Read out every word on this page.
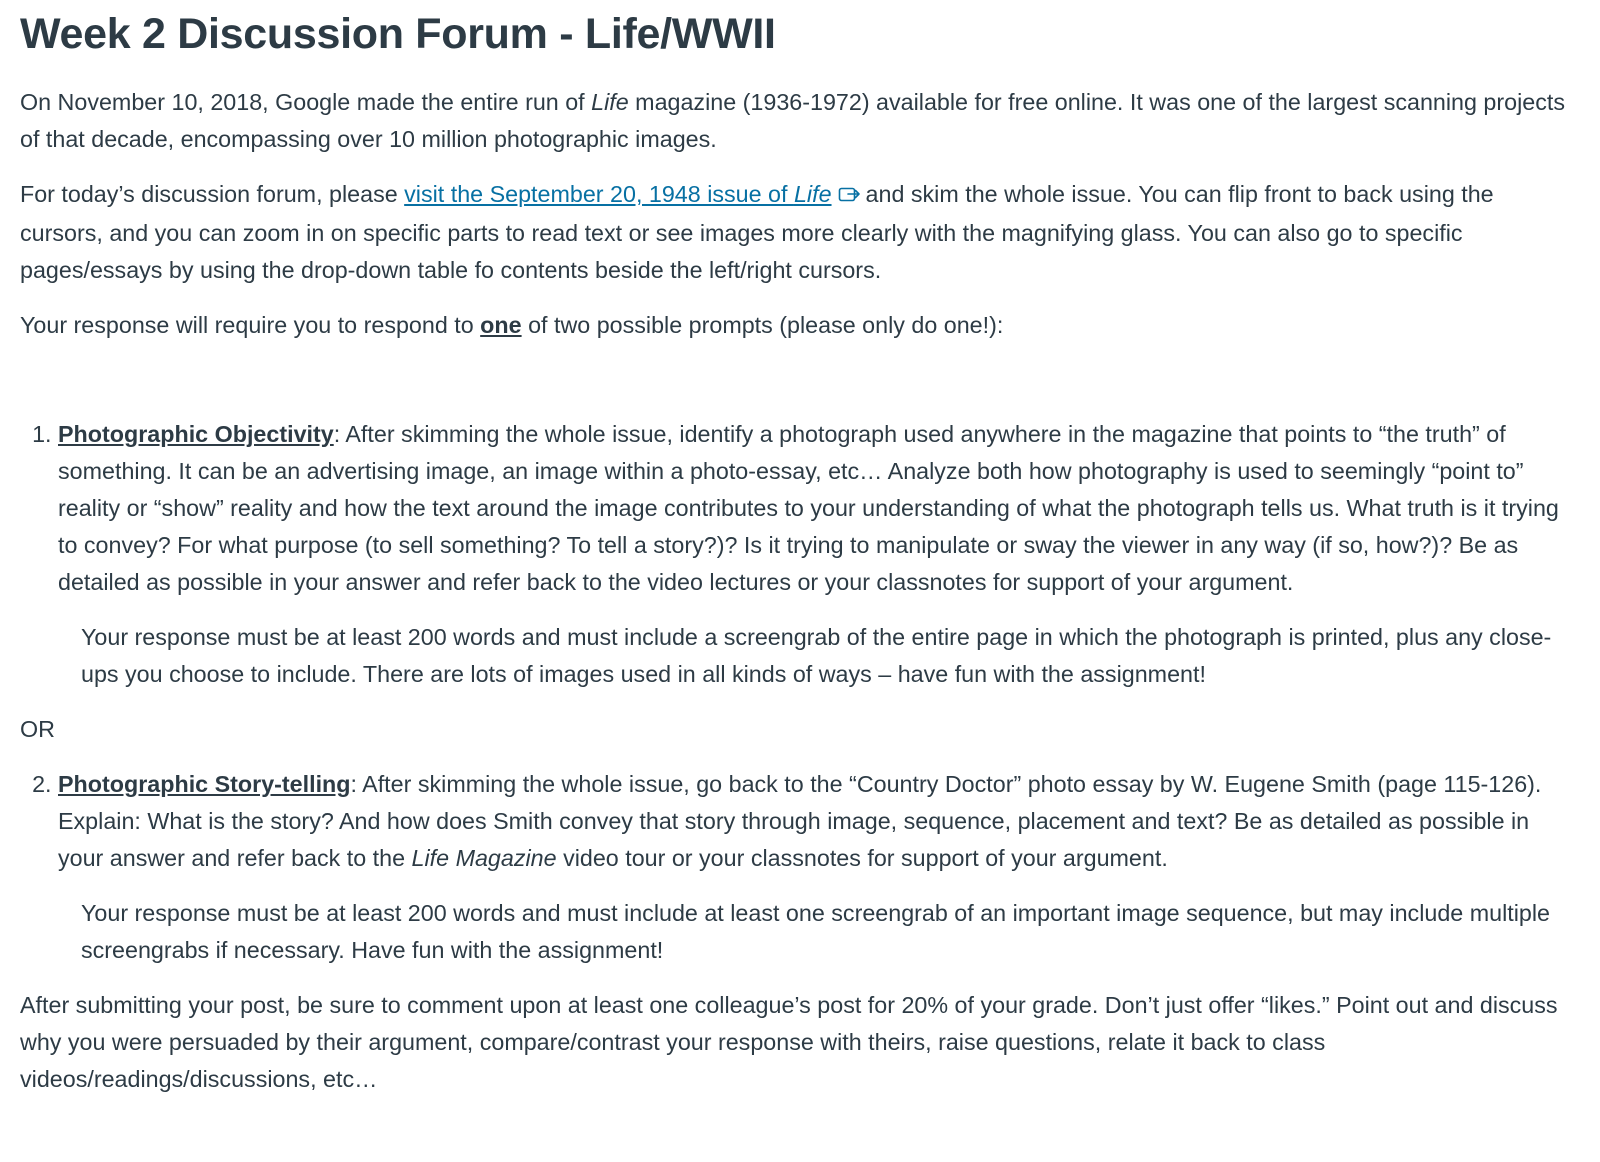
Week 2 Discussion Forum - Life/WWII

On November 10, 2018, Google made the entire run of Life magazine (1936-1972) available for free online. It was one of the largest scanning projects of that decade, encompassing over 10 million photographic images.

For today’s discussion forum, please visit the September 20, 1948 issue of Life and skim the whole issue. You can flip front to back using the cursors, and you can zoom in on specific parts to read text or see images more clearly with the magnifying glass. You can also go to specific pages/essays by using the drop-down table fo contents beside the left/right cursors.

Your response will require you to respond to one of two possible prompts (please only do one!):

1. Photographic Objectivity: After skimming the whole issue, identify a photograph used anywhere in the magazine that points to “the truth” of something. It can be an advertising image, an image within a photo-essay, etc… Analyze both how photography is used to seemingly “point to” reality or “show” reality and how the text around the image contributes to your understanding of what the photograph tells us. What truth is it trying to convey? For what purpose (to sell something? To tell a story?)? Is it trying to manipulate or sway the viewer in any way (if so, how?)? Be as detailed as possible in your answer and refer back to the video lectures or your classnotes for support of your argument.

Your response must be at least 200 words and must include a screengrab of the entire page in which the photograph is printed, plus any close-ups you choose to include. There are lots of images used in all kinds of ways – have fun with the assignment!

OR

2. Photographic Story-telling: After skimming the whole issue, go back to the “Country Doctor” photo essay by W. Eugene Smith (page 115-126). Explain: What is the story? And how does Smith convey that story through image, sequence, placement and text? Be as detailed as possible in your answer and refer back to the Life Magazine video tour or your classnotes for support of your argument.

Your response must be at least 200 words and must include at least one screengrab of an important image sequence, but may include multiple screengrabs if necessary. Have fun with the assignment!

After submitting your post, be sure to comment upon at least one colleague’s post for 20% of your grade. Don’t just offer “likes.” Point out and discuss why you were persuaded by their argument, compare/contrast your response with theirs, raise questions, relate it back to class videos/readings/discussions, etc…
